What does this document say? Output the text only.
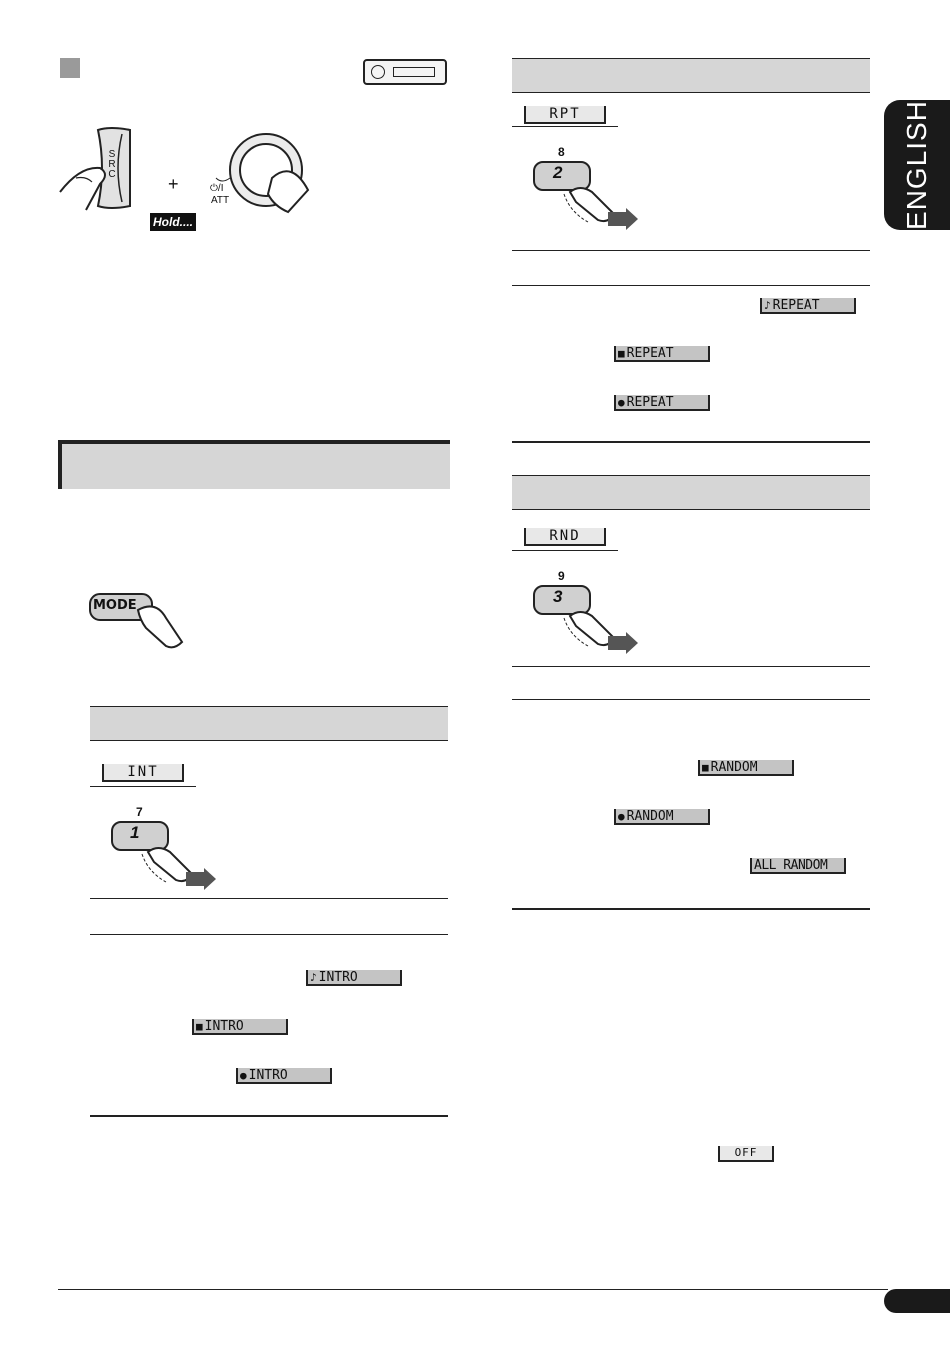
S
R
C	+	⏻/I
ATT
Hold....
MODE
INT
7
1
♪ INTRO
■ INTRO
● INTRO
RPT
8
2
♪ REPEAT
■ REPEAT
● REPEAT
RND
9
3
■ RANDOM
● RANDOM
ALL RANDOM
OFF
ENGLISH
